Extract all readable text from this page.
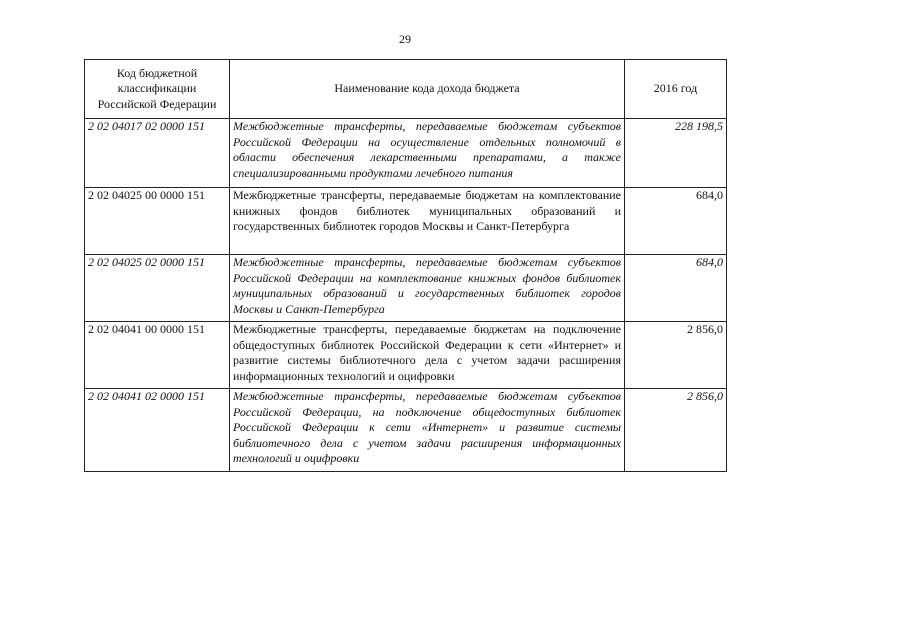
29
Код бюджетной классификации Российской Федерации	Наименование кода дохода бюджета	2016 год
2 02 04017 02 0000 151	Межбюджетные трансферты, передаваемые бюджетам субъектов Российской Федерации на осуществление отдельных полномочий в области обеспечения лекарственными препаратами, а также специализированными продуктами лечебного питания	228 198,5
2 02 04025 00 0000 151	Межбюджетные трансферты, передаваемые бюджетам на комплектование книжных фондов библиотек муниципальных образований и государственных библиотек городов Москвы и Санкт-Петербурга	684,0
2 02 04025 02 0000 151	Межбюджетные трансферты, передаваемые бюджетам субъектов Российской Федерации на комплектование книжных фондов библиотек муниципальных образований и государственных библиотек городов Москвы и Санкт-Петербурга	684,0
2 02 04041 00 0000 151	Межбюджетные трансферты, передаваемые бюджетам на подключение общедоступных библиотек Российской Федерации к сети «Интернет» и развитие системы библиотечного дела с учетом задачи расширения информационных технологий и оцифровки	2 856,0
2 02 04041 02 0000 151	Межбюджетные трансферты, передаваемые бюджетам субъектов Российской Федерации, на подключение общедоступных библиотек Российской Федерации к сети «Интернет» и развитие системы библиотечного дела с учетом задачи расширения информационных технологий и оцифровки	2 856,0
